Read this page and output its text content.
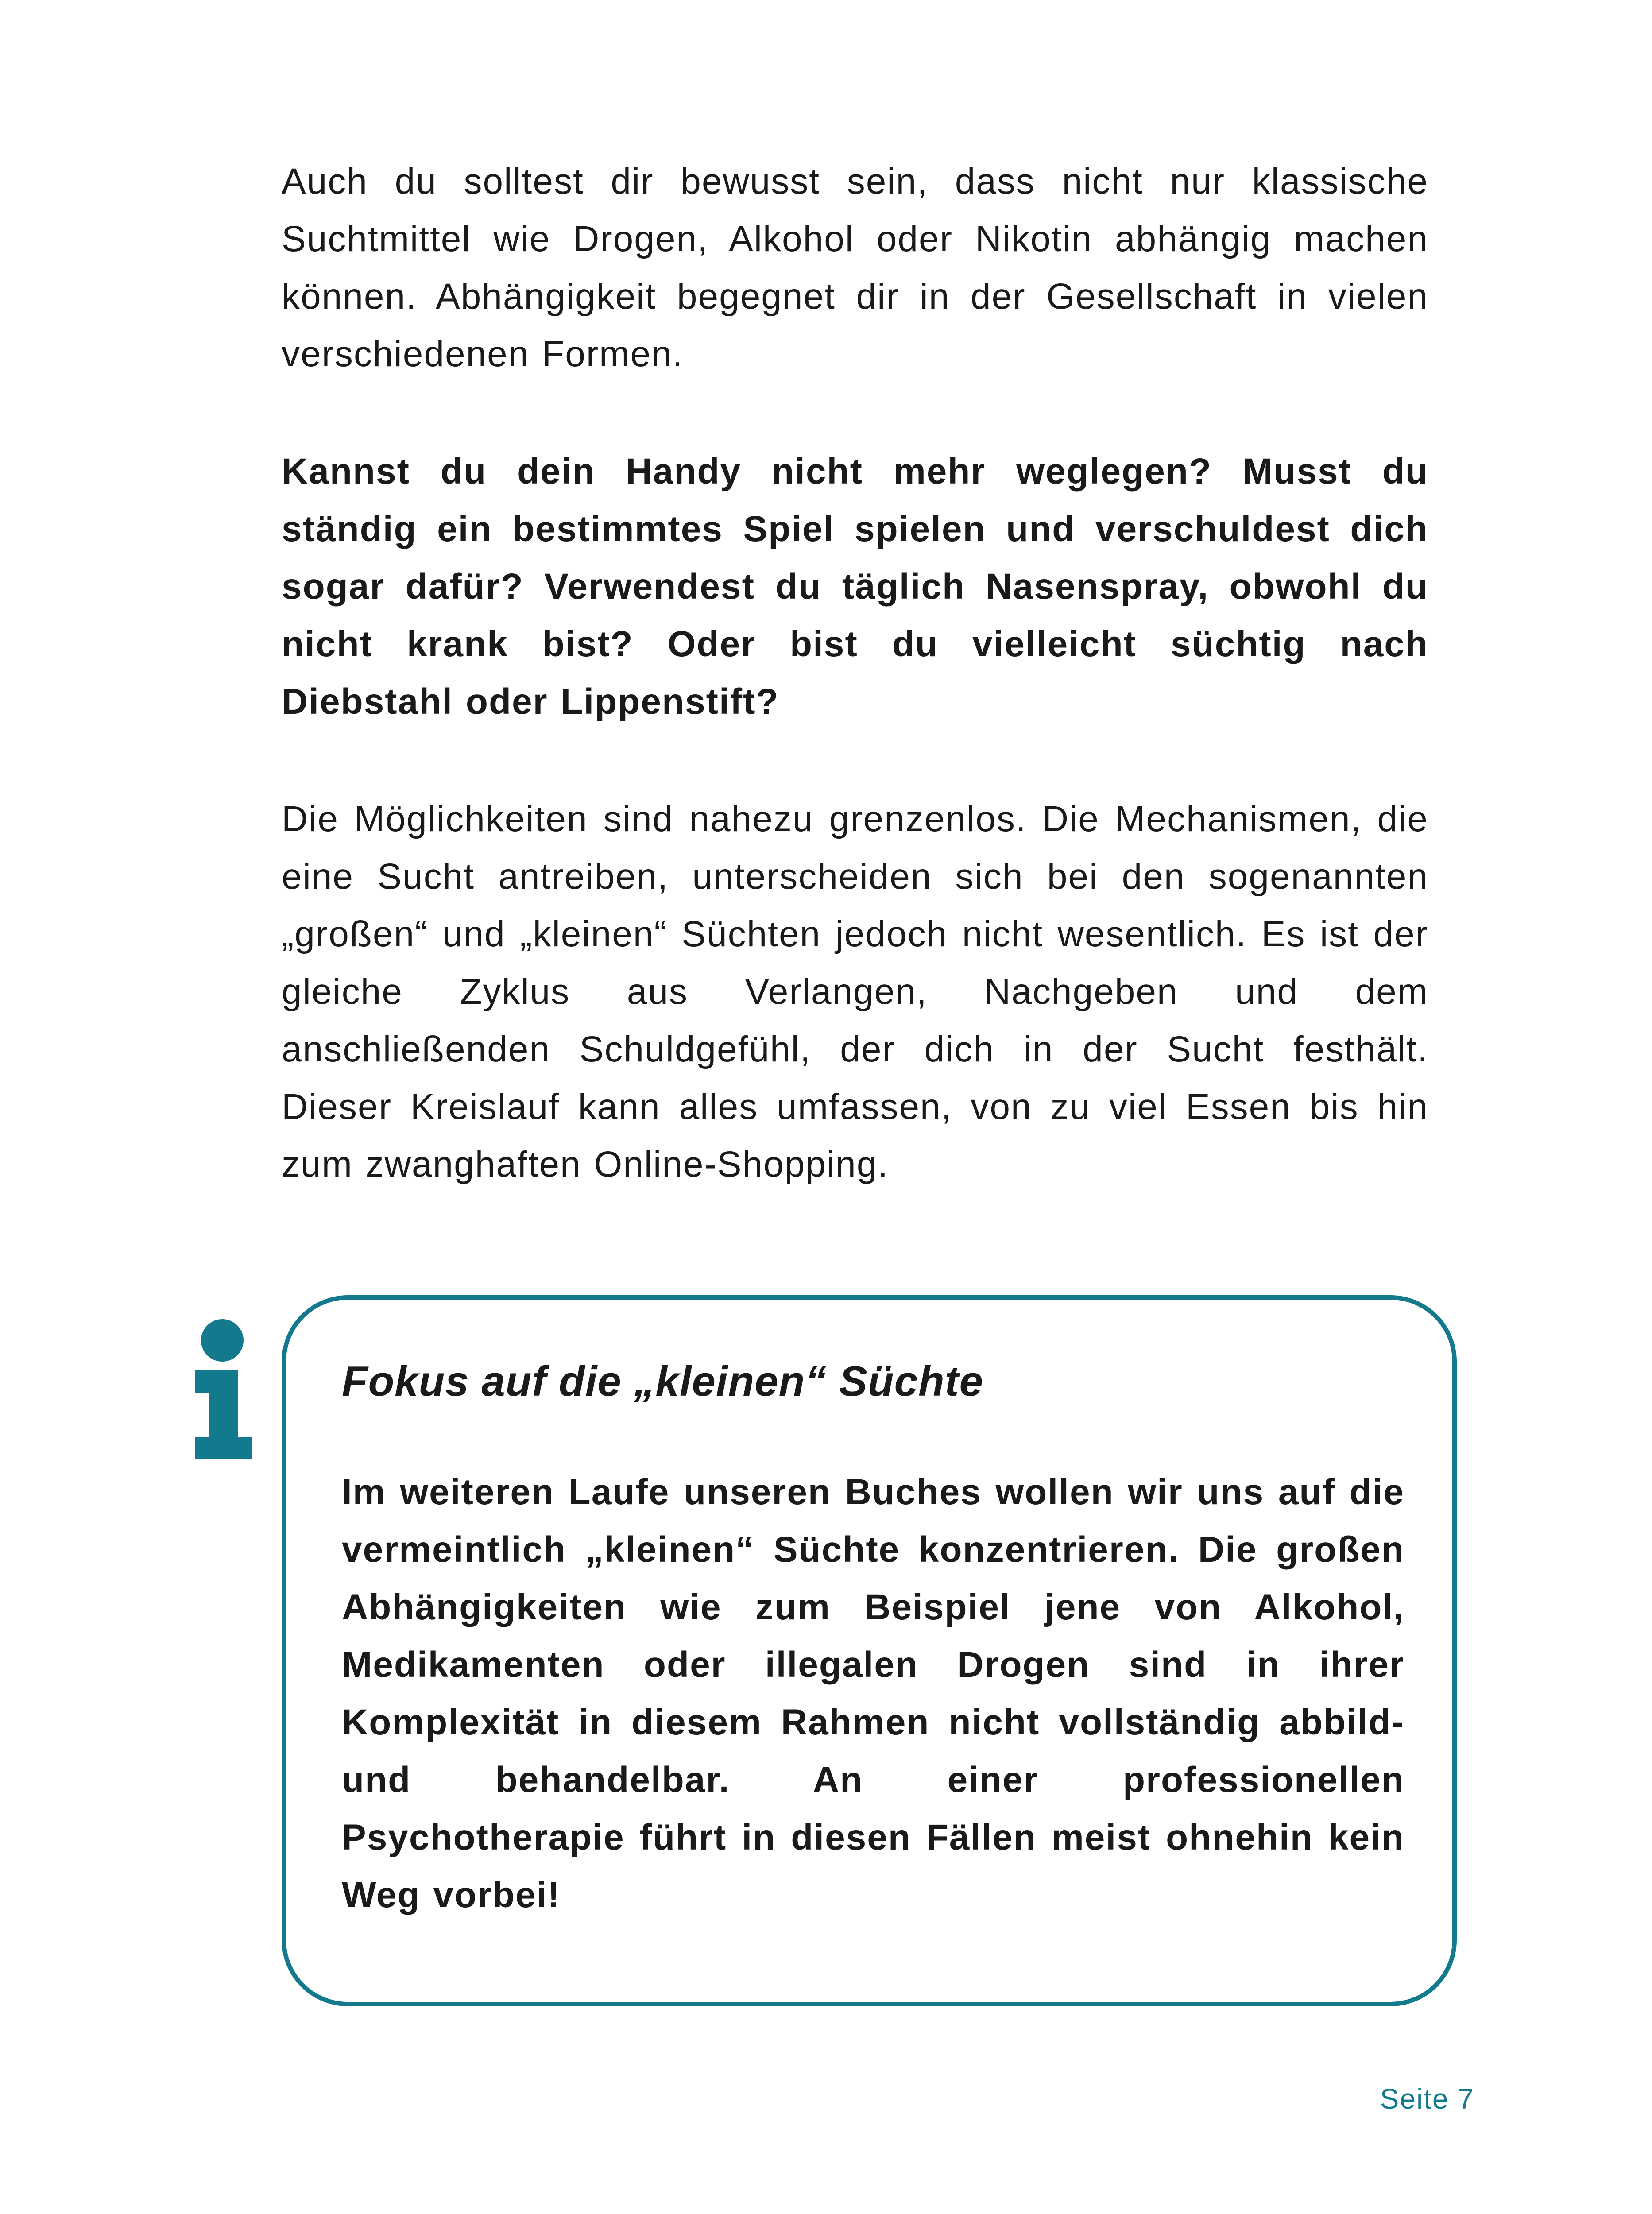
Auch du solltest dir bewusst sein, dass nicht nur klassische Suchtmittel wie Drogen, Alkohol oder Nikotin abhängig machen können. Abhängigkeit begegnet dir in der Gesellschaft in vielen verschiedenen Formen.

Kannst du dein Handy nicht mehr weglegen? Musst du ständig ein bestimmtes Spiel spielen und verschuldest dich sogar dafür? Verwendest du täglich Nasenspray, obwohl du nicht krank bist? Oder bist du vielleicht süchtig nach Diebstahl oder Lippenstift?

Die Möglichkeiten sind nahezu grenzenlos. Die Mechanismen, die eine Sucht antreiben, unterscheiden sich bei den sogenannten „großen“ und „kleinen“ Süchten jedoch nicht wesentlich. Es ist der gleiche Zyklus aus Verlangen, Nachgeben und dem anschließenden Schuldgefühl, der dich in der Sucht festhält. Dieser Kreislauf kann alles umfassen, von zu viel Essen bis hin zum zwanghaften Online-Shopping.

Fokus auf die „kleinen“ Süchte

Im weiteren Laufe unseren Buches wollen wir uns auf die vermeintlich „kleinen“ Süchte konzentrieren. Die großen Abhängigkeiten wie zum Beispiel jene von Alkohol, Medikamenten oder illegalen Drogen sind in ihrer Komplexität in diesem Rahmen nicht vollständig abbild- und behandelbar. An einer professionellen Psychotherapie führt in diesen Fällen meist ohnehin kein Weg vorbei!

Seite 7
